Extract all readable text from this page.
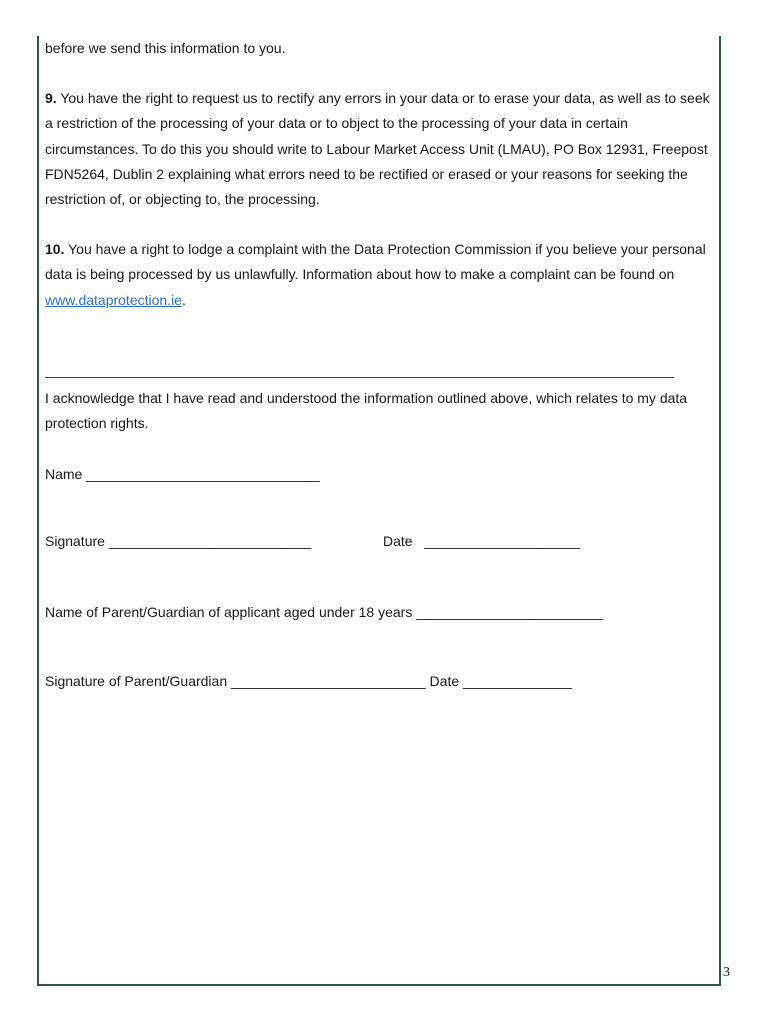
before we send this information to you.

9. You have the right to request us to rectify any errors in your data or to erase your data, as well as to seek a restriction of the processing of your data or to object to the processing of your data in certain circumstances. To do this you should write to Labour Market Access Unit (LMAU), PO Box 12931, Freepost FDN5264, Dublin 2 explaining what errors need to be rectified or erased or your reasons for seeking the restriction of, or objecting to, the processing.

10. You have a right to lodge a complaint with the Data Protection Commission if you believe your personal data is being processed by us unlawfully. Information about how to make a complaint can be found on www.dataprotection.ie.

I acknowledge that I have read and understood the information outlined above, which relates to my data protection rights.

Name ______________________________
Signature __________________________	Date   ____________________
Name of Parent/Guardian of applicant aged under 18 years ________________________
Signature of Parent/Guardian _________________________ Date ______________
3
